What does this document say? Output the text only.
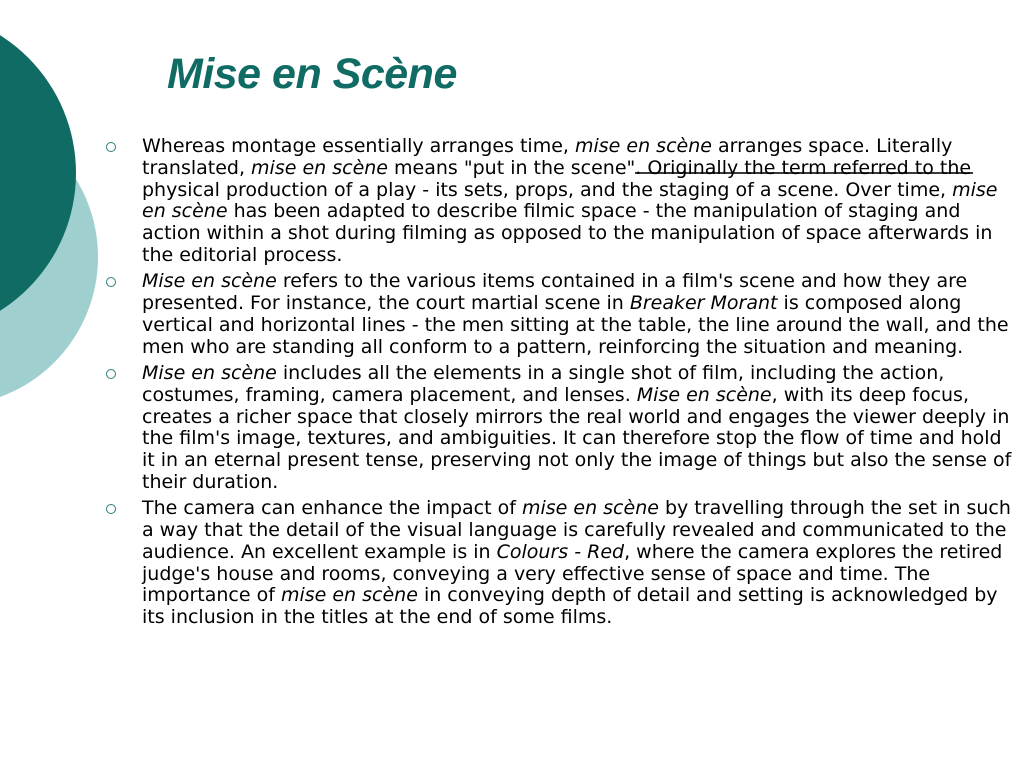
Mise en Scène
Whereas montage essentially arranges time, mise en scène arranges space. Literally translated, mise en scène means "put in the scene". Originally the term referred to the physical production of a play - its sets, props, and the staging of a scene. Over time, mise en scène has been adapted to describe filmic space - the manipulation of staging and action within a shot during filming as opposed to the manipulation of space afterwards in the editorial process.
Mise en scène refers to the various items contained in a film's scene and how they are presented. For instance, the court martial scene in Breaker Morant is composed along vertical and horizontal lines - the men sitting at the table, the line around the wall, and the men who are standing all conform to a pattern, reinforcing the situation and meaning.
Mise en scène includes all the elements in a single shot of film, including the action, costumes, framing, camera placement, and lenses. Mise en scène, with its deep focus, creates a richer space that closely mirrors the real world and engages the viewer deeply in the film's image, textures, and ambiguities. It can therefore stop the flow of time and hold it in an eternal present tense, preserving not only the image of things but also the sense of their duration.
The camera can enhance the impact of mise en scène by travelling through the set in such a way that the detail of the visual language is carefully revealed and communicated to the audience. An excellent example is in Colours - Red, where the camera explores the retired judge's house and rooms, conveying a very effective sense of space and time. The importance of mise en scène in conveying depth of detail and setting is acknowledged by its inclusion in the titles at the end of some films.
